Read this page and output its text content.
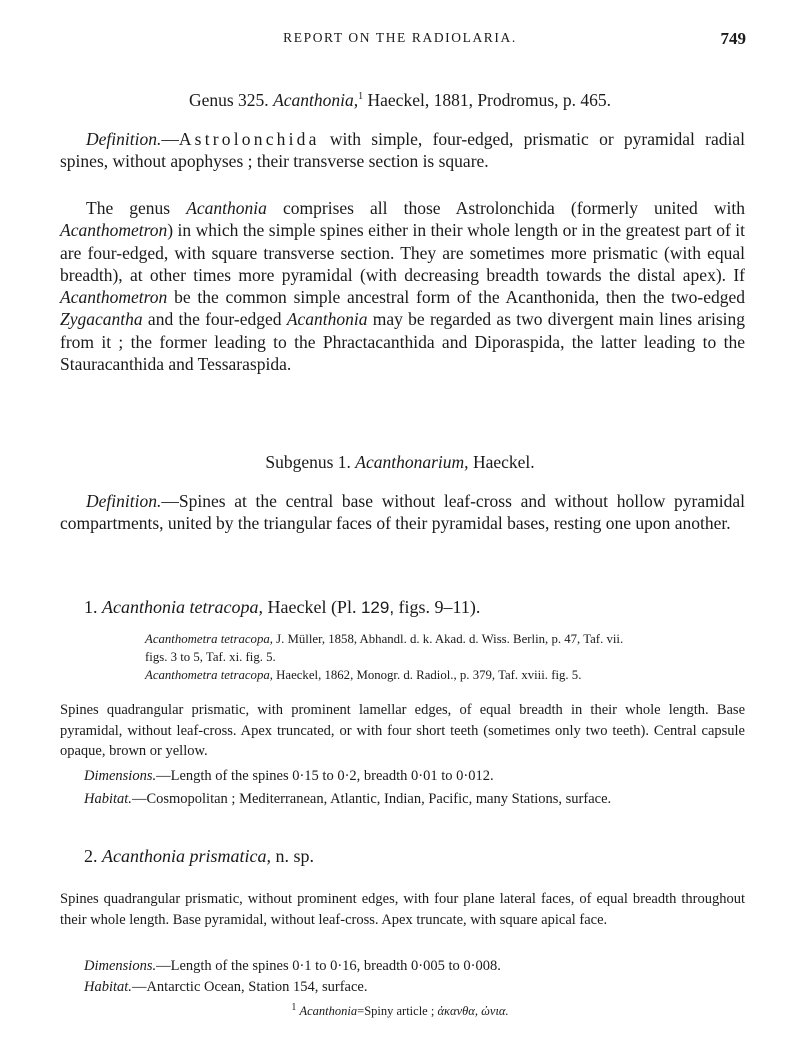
REPORT ON THE RADIOLARIA.	749
Genus 325. Acanthonia,$^1$ Haeckel, 1881, Prodromus, p. 465.
Definition.—Astrolonchida with simple, four-edged, prismatic or pyramidal radial spines, without apophyses ; their transverse section is square.
The genus Acanthonia comprises all those Astrolonchida (formerly united with Acanthometron) in which the simple spines either in their whole length or in the greatest part of it are four-edged, with square transverse section. They are sometimes more prismatic (with equal breadth), at other times more pyramidal (with decreasing breadth towards the distal apex). If Acanthometron be the common simple ancestral form of the Acanthonida, then the two-edged Zygacantha and the four-edged Acanthonia may be regarded as two divergent main lines arising from it ; the former leading to the Phractacanthida and Diporaspida, the latter leading to the Stauracanthida and Tessaraspida.
Subgenus 1. Acanthonarium, Haeckel.
Definition.—Spines at the central base without leaf-cross and without hollow pyramidal compartments, united by the triangular faces of their pyramidal bases, resting one upon another.
1. Acanthonia tetracopa, Haeckel (Pl. 129, figs. 9–11).
Acanthometra tetracopa, J. Müller, 1858, Abhandl. d. k. Akad. d. Wiss. Berlin, p. 47, Taf. vii.
figs. 3 to 5, Taf. xi. fig. 5.
Acanthometra tetracopa, Haeckel, 1862, Monogr. d. Radiol., p. 379, Taf. xviii. fig. 5.
Spines quadrangular prismatic, with prominent lamellar edges, of equal breadth in their whole length. Base pyramidal, without leaf-cross. Apex truncated, or with four short teeth (sometimes only two teeth). Central capsule opaque, brown or yellow.
Dimensions.—Length of the spines 0·15 to 0·2, breadth 0·01 to 0·012.
Habitat.—Cosmopolitan ; Mediterranean, Atlantic, Indian, Pacific, many Stations, surface.
2. Acanthonia prismatica, n. sp.
Spines quadrangular prismatic, without prominent edges, with four plane lateral faces, of equal breadth throughout their whole length. Base pyramidal, without leaf-cross. Apex truncate, with square apical face.
Dimensions.—Length of the spines 0·1 to 0·16, breadth 0·005 to 0·008.
Habitat.—Antarctic Ocean, Station 154, surface.
$^1$ Acanthonia=Spiny article ; ἀκανθα, ὠνια.
